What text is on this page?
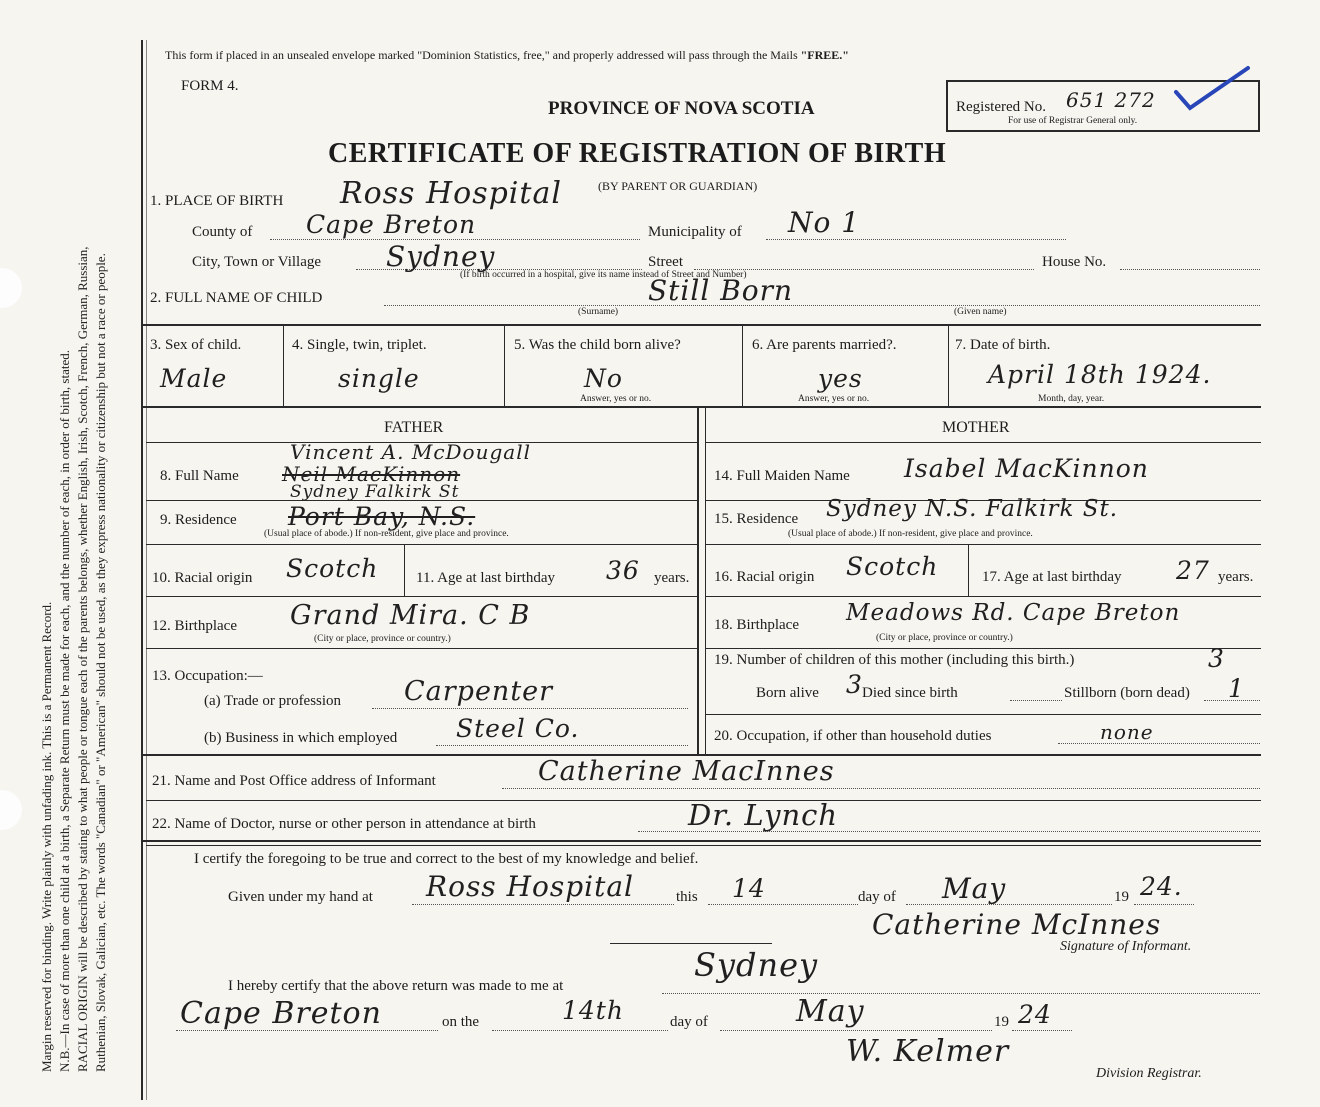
Margin reserved for binding. Write plainly with unfading ink. This is a Permanent Record. N.B.—In case of more than one child at a birth, a Separate Return must be made for each, and the number of each, in order of birth, stated. RACIAL ORIGIN will be described by stating to what people or tongue each of the parents belongs, whether English, Irish, Scotch, French, German, Russian, Ruthenian, Slovak, Galician, etc. The words "Canadian" or "American" should not be used, as they express nationality or citizenship but not a race or people.
This form if placed in an unsealed envelope marked "Dominion Statistics, free," and properly addressed will pass through the Mails "FREE."
FORM 4.
PROVINCE OF NOVA SCOTIA	Registered No. 651 272
For use of Registrar General only.
CERTIFICATE OF REGISTRATION OF BIRTH
(BY PARENT OR GUARDIAN)
1. PLACE OF BIRTH Ross Hospital
County of Cape Breton	Municipality of No 1
City, Town or Village Sydney	Street	House No.
(If birth occurred in a hospital, give its name instead of Street and Number)
2. FULL NAME OF CHILD	Still Born
(Surname)	(Given name)
3. Sex of child.
Male
4. Single, twin, triplet.
single
5. Was the child born alive?
No
Answer, yes or no.
6. Are parents married?.
yes
Answer, yes or no.
7. Date of birth.
April 18th 1924.
Month, day, year.
FATHER	MOTHER
8. Full Name
Vincent A. McDougall
Neil MacKinnon	14. Full Maiden Name Isabel MacKinnon
9. Residence
Sydney Falkirk St
Port Bay, N.S.
(Usual place of abode.) If non-resident, give place and province.
15. Residence Sydney N.S. Falkirk St.
(Usual place of abode.) If non-resident, give place and province.
10. Racial origin Scotch	11. Age at last birthday 36 years. 16. Racial origin Scotch	17. Age at last birthday 27 years.
12. Birthplace Grand Mira. C B
(City or place, province or country.)
18. Birthplace Meadows Rd. Cape Breton
(City or place, province or country.)
13. Occupation:—
(a) Trade or profession Carpenter
(b) Business in which employed Steel Co.
19. Number of children of this mother (including this birth.)	3
Born alive 3 Died since birth	Stillborn (born dead) 1
20. Occupation, if other than household duties	none
21. Name and Post Office address of Informant	Catherine MacInnes
22. Name of Doctor, nurse or other person in attendance at birth	Dr. Lynch
I certify the foregoing to be true and correct to the best of my knowledge and belief.
Given under my hand at Ross Hospital	this 14	day of May	19 24.
Catherine McInnes
Signature of Informant.
I hereby certify that the above return was made to me at
Sydney
Cape Breton	on the	14th	day of	May	19 24
W. Kelmer
Division Registrar.
